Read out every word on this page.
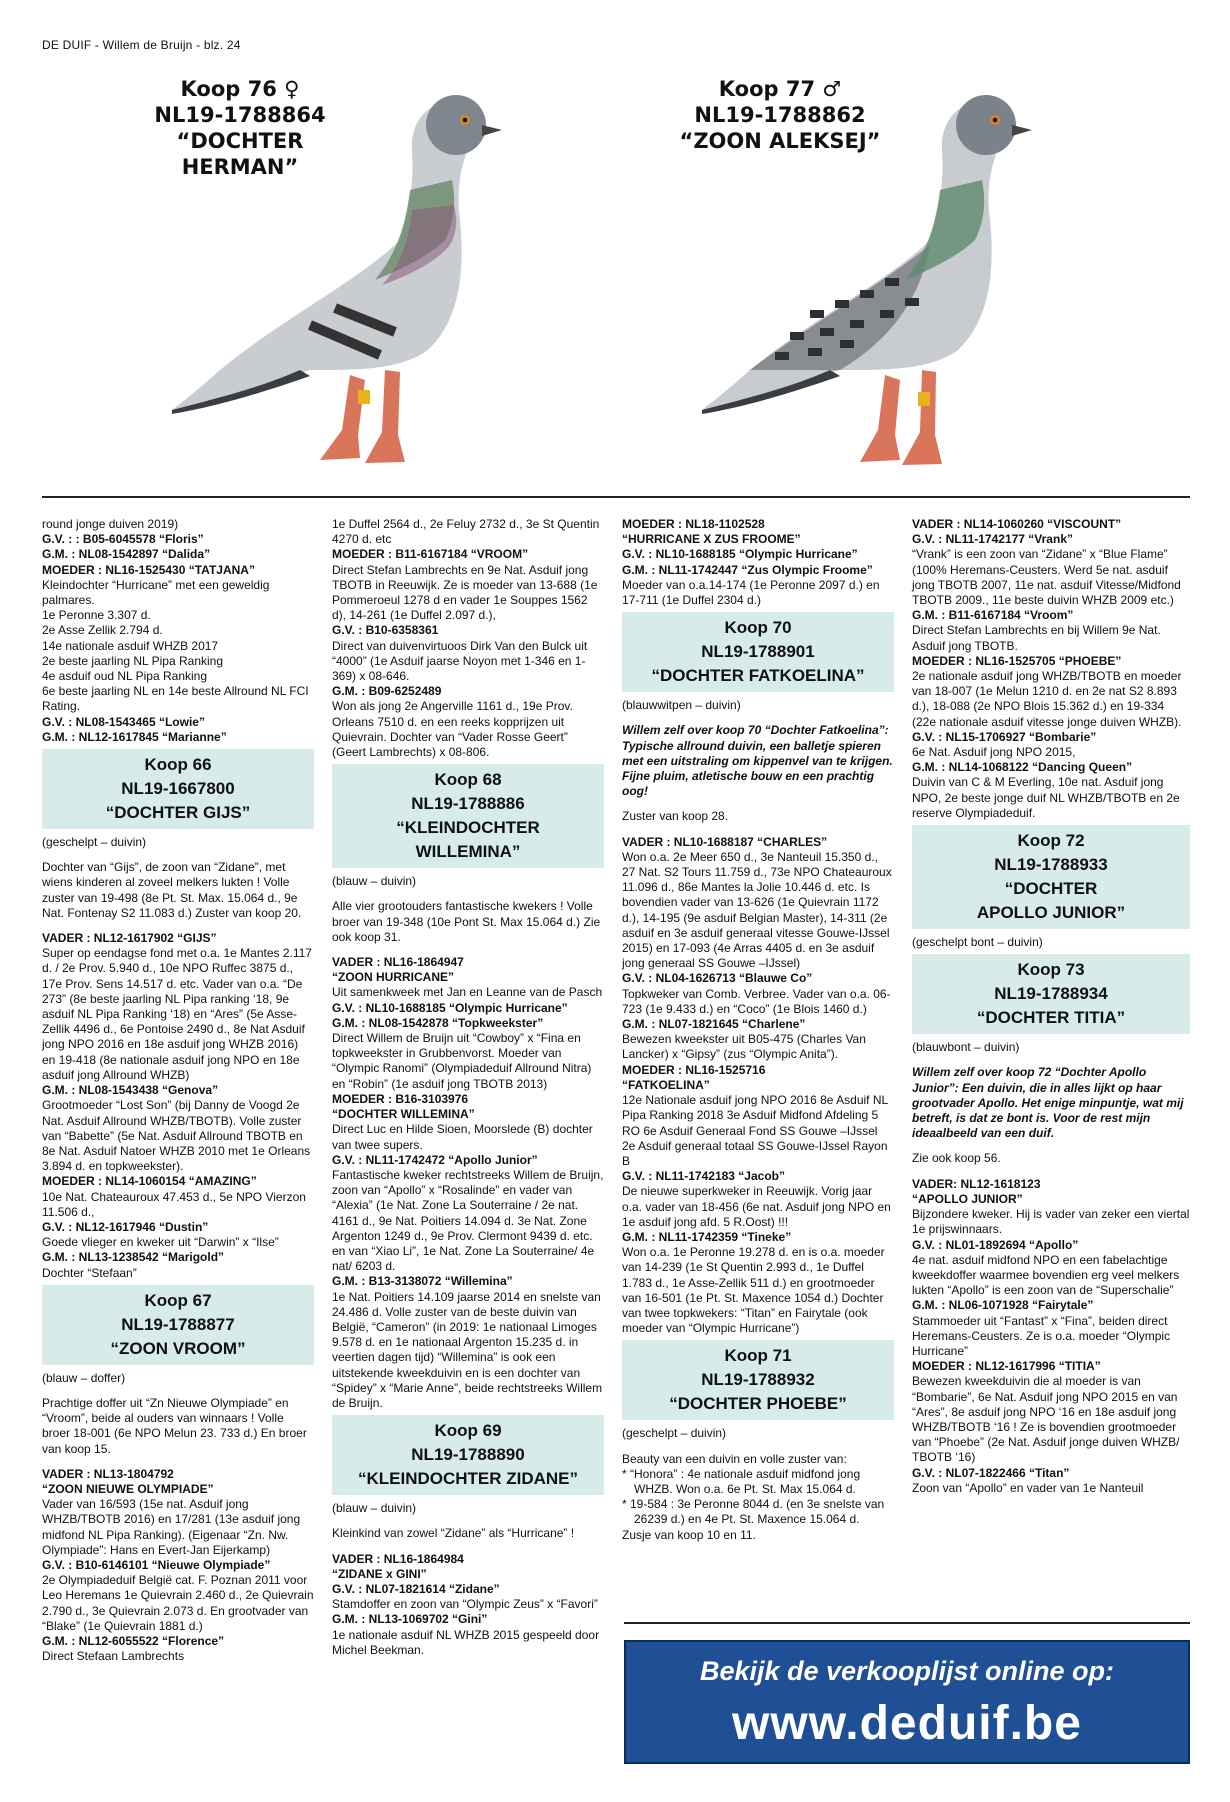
DE DUIF - Willem de Bruijn - blz. 24
Koop 76 ♀
NL19-1788864
“DOCHTER
HERMAN”
Koop 77 ♂
NL19-1788862
“ZOON ALEKSEJ”

round jonge duiven 2019)

G.V. : : B05-6045578 “Floris”

G.M. : NL08-1542897 “Dalida”

MOEDER : NL16-1525430 “TATJANA”

Kleindochter “Hurricane” met een geweldig palmares.

1e Peronne 3.307 d.

2e Asse Zellik 2.794 d.

14e nationale asduif WHZB 2017

2e beste jaarling NL Pipa Ranking

4e asduif oud NL Pipa Ranking

6e beste jaarling NL en 14e beste Allround NL FCI Rating.

G.V. : NL08-1543465 “Lowie”

G.M. : NL12-1617845 “Marianne”

Koop 66
NL19-1667800
“DOCHTER GIJS”

(geschelpt – duivin)

Dochter van “Gijs”, de zoon van “Zidane”, met wiens kinderen al zoveel melkers lukten ! Volle zuster van 19-498 (8e Pt. St. Max. 15.064 d., 9e Nat. Fontenay S2 11.083 d.) Zuster van koop 20.

VADER : NL12-1617902 “GIJS”

Super op eendagse fond met o.a. 1e Mantes 2.117 d. / 2e Prov. 5.940 d., 10e NPO Ruffec 3875 d., 17e Prov. Sens 14.517 d. etc. Vader van o.a. “De 273” (8e beste jaarling NL Pipa ranking ‘18, 9e asduif NL Pipa Ranking ‘18) en “Ares” (5e Asse-Zellik 4496 d., 6e Pontoise 2490 d., 8e Nat Asduif jong NPO 2016 en 18e asduif jong WHZB 2016) en 19-418 (8e nationale asduif jong NPO en 18e asduif jong Allround WHZB)

G.M. : NL08-1543438 “Genova”

Grootmoeder “Lost Son” (bij Danny de Voogd 2e Nat. Asduif Allround WHZB/TBOTB). Volle zuster van “Babette” (5e Nat. Asduif Allround TBOTB en 8e Nat. Asduif Natoer WHZB 2010 met 1e Orleans 3.894 d. en topkweekster).

MOEDER : NL14-1060154 “AMAZING”

10e Nat. Chateauroux 47.453 d., 5e NPO Vierzon 11.506 d.,

G.V. : NL12-1617946 “Dustin”

Goede vlieger en kweker uit “Darwin” x “Ilse”

G.M. : NL13-1238542 “Marigold”

Dochter “Stefaan”

Koop 67
NL19-1788877
“ZOON VROOM”

(blauw – doffer)

Prachtige doffer uit “Zn Nieuwe Olympiade” en “Vroom”, beide al ouders van winnaars ! Volle broer 18-001 (6e NPO Melun 23. 733 d.) En broer van koop 15.

VADER : NL13-1804792

“ZOON NIEUWE OLYMPIADE”

Vader van 16/593 (15e nat. Asduif jong WHZB/TBOTB 2016) en 17/281 (13e asduif jong midfond NL Pipa Ranking). (Eigenaar “Zn. Nw. Olympiade”: Hans en Evert-Jan Eijerkamp)

G.V. : B10-6146101 “Nieuwe Olympiade”

2e Olympiadeduif België cat. F. Poznan 2011 voor Leo Heremans 1e Quievrain 2.460 d., 2e Quievrain 2.790 d., 3e Quievrain 2.073 d. En grootvader van “Blake” (1e Quievrain 1881 d.)

G.M. : NL12-6055522 “Florence”

Direct Stefaan Lambrechts

1e Duffel 2564 d., 2e Feluy 2732 d., 3e St Quentin 4270 d. etc

MOEDER : B11-6167184 “VROOM”

Direct Stefan Lambrechts en 9e Nat. Asduif jong TBOTB in Reeuwijk. Ze is moeder van 13-688 (1e Pommeroeul 1278 d en vader 1e Souppes 1562 d), 14-261 (1e Duffel 2.097 d.),

G.V. : B10-6358361

Direct van duivenvirtuoos Dirk Van den Bulck uit “4000” (1e Asduif jaarse Noyon met 1-346 en 1-369) x 08-646.

G.M. : B09-6252489

Won als jong 2e Angerville 1161 d., 19e Prov. Orleans 7510 d. en een reeks kopprijzen uit Quievrain. Dochter van “Vader Rosse Geert” (Geert Lambrechts) x 08-806.

Koop 68
NL19-1788886
“KLEINDOCHTER
WILLEMINA”

(blauw – duivin)

Alle vier grootouders fantastische kwekers ! Volle broer van 19-348 (10e Pont St. Max 15.064 d.) Zie ook koop 31.

VADER : NL16-1864947

“ZOON HURRICANE”

Uit samenkweek met Jan en Leanne van de Pasch

G.V. : NL10-1688185 “Olympic Hurricane”

G.M. : NL08-1542878 “Topkweekster”

Direct Willem de Bruijn uit “Cowboy” x “Fina en topkweekster in Grubbenvorst. Moeder van “Olympic Ranomi” (Olympiadeduif Allround Nitra) en “Robin” (1e asduif jong TBOTB 2013)

MOEDER : B16-3103976

“DOCHTER WILLEMINA”

Direct Luc en Hilde Sioen, Moorslede (B) dochter van twee supers.

G.V. : NL11-1742472 “Apollo Junior”

Fantastische kweker rechtstreeks Willem de Bruijn, zoon van “Apollo” x “Rosalinde” en vader van “Alexia” (1e Nat. Zone La Souterraine / 2e nat. 4161 d., 9e Nat. Poitiers 14.094 d. 3e Nat. Zone Argenton 1249 d., 9e Prov. Clermont 9439 d. etc. en van “Xiao Li”, 1e Nat. Zone La Souterraine/ 4e nat/ 6203 d.

G.M. : B13-3138072 “Willemina”

1e Nat. Poitiers 14.109 jaarse 2014 en snelste van 24.486 d. Volle zuster van de beste duivin van België, “Cameron” (in 2019: 1e nationaal Limoges 9.578 d. en 1e nationaal Argenton 15.235 d. in veertien dagen tijd) “Willemina” is ook een uitstekende kweekduivin en is een dochter van “Spidey” x “Marie Anne”, beide rechtstreeks Willem de Bruijn.

Koop 69
NL19-1788890
“KLEINDOCHTER ZIDANE”

(blauw – duivin)

Kleinkind van zowel “Zidane” als “Hurricane” !

VADER : NL16-1864984

“ZIDANE x GINI”

G.V. : NL07-1821614 “Zidane”

Stamdoffer en zoon van “Olympic Zeus” x “Favori”

G.M. : NL13-1069702 “Gini”

1e nationale asduif NL WHZB 2015 gespeeld door Michel Beekman.

MOEDER : NL18-1102528

“HURRICANE X ZUS FROOME”

G.V. : NL10-1688185 “Olympic Hurricane”

G.M. : NL11-1742447 “Zus Olympic Froome”

Moeder van o.a.14-174 (1e Peronne 2097 d.) en 17-711 (1e Duffel 2304 d.)

Koop 70
NL19-1788901
“DOCHTER FATKOELINA”

(blauwwitpen – duivin)

Willem zelf over koop 70 “Dochter Fatkoelina”: Typische allround duivin, een balletje spieren met een uitstraling om kippenvel van te krijgen. Fijne pluim, atletische bouw en een prachtig oog!

Zuster van koop 28.

VADER : NL10-1688187 “CHARLES”

Won o.a. 2e Meer 650 d., 3e Nanteuil 15.350 d., 27 Nat. S2 Tours 11.759 d., 73e NPO Chateauroux 11.096 d., 86e Mantes la Jolie 10.446 d. etc. Is bovendien vader van 13-626 (1e Quievrain 1172 d.), 14-195 (9e asduif Belgian Master), 14-311 (2e asduif en 3e asduif generaal vitesse Gouwe-IJssel 2015) en 17-093 (4e Arras 4405 d. en 3e asduif jong generaal SS Gouwe –IJssel)

G.V. : NL04-1626713 “Blauwe Co”

Topkweker van Comb. Verbree. Vader van o.a. 06-723 (1e 9.433 d.) en “Coco” (1e Blois 1460 d.)

G.M. : NL07-1821645 “Charlene”

Bewezen kweekster uit B05-475 (Charles Van Lancker) x “Gipsy” (zus “Olympic Anita”).

MOEDER : NL16-1525716

“FATKOELINA”

12e Nationale asduif jong NPO 2016 8e Asduif NL Pipa Ranking 2018 3e Asduif Midfond Afdeling 5 RO 6e Asduif Generaal Fond SS Gouwe –IJssel 2e Asduif generaal totaal SS Gouwe-IJssel Rayon B

G.V. : NL11-1742183 “Jacob”

De nieuwe superkweker in Reeuwijk. Vorig jaar o.a. vader van 18-456 (6e nat. Asduif jong NPO en 1e asduif jong afd. 5 R.Oost) !!!

G.M. : NL11-1742359 “Tineke”

Won o.a. 1e Peronne 19.278 d. en is o.a. moeder van 14-239 (1e St Quentin 2.993 d., 1e Duffel 1.783 d., 1e Asse-Zellik 511 d.) en grootmoeder van 16-501 (1e Pt. St. Maxence 1054 d.) Dochter van twee topkwekers: “Titan” en Fairytale (ook moeder van “Olympic Hurricane”)

Koop 71
NL19-1788932
“DOCHTER PHOEBE”

(geschelpt – duivin)

Beauty van een duivin en volle zuster van:

* “Honora” : 4e nationale asduif midfond jong WHZB. Won o.a. 6e Pt. St. Max 15.064 d.

* 19-584 : 3e Peronne 8044 d. (en 3e snelste van 26239 d.) en 4e Pt. St. Maxence 15.064 d.

Zusje van koop 10 en 11.

VADER : NL14-1060260 “VISCOUNT”

G.V. : NL11-1742177 “Vrank”

“Vrank” is een zoon van “Zidane” x “Blue Flame” (100% Heremans-Ceusters. Werd 5e nat. asduif jong TBOTB 2007, 11e nat. asduif Vitesse/Midfond TBOTB 2009., 11e beste duivin WHZB 2009 etc.)

G.M. : B11-6167184 “Vroom”

Direct Stefan Lambrechts en bij Willem 9e Nat. Asduif jong TBOTB.

MOEDER : NL16-1525705 “PHOEBE”

2e nationale asduif jong WHZB/TBOTB en moeder van 18-007 (1e Melun 1210 d. en 2e nat S2 8.893 d.), 18-088 (2e NPO Blois 15.362 d.) en 19-334 (22e nationale asduif vitesse jonge duiven WHZB).

G.V. : NL15-1706927 “Bombarie”

6e Nat. Asduif jong NPO 2015,

G.M. : NL14-1068122 “Dancing Queen”

Duivin van C & M Everling, 10e nat. Asduif jong NPO, 2e beste jonge duif NL WHZB/TBOTB en 2e reserve Olympiadeduif.

Koop 72
NL19-1788933
“DOCHTER
APOLLO JUNIOR”

(geschelpt bont – duivin)

Koop 73
NL19-1788934
“DOCHTER TITIA”

(blauwbont – duivin)

Willem zelf over koop 72 “Dochter Apollo Junior”: Een duivin, die in alles lijkt op haar grootvader Apollo. Het enige minpuntje, wat mij betreft, is dat ze bont is. Voor de rest mijn ideaalbeeld van een duif.

Zie ook koop 56.

VADER: NL12-1618123

“APOLLO JUNIOR”

Bijzondere kweker. Hij is vader van zeker een viertal 1e prijswinnaars.

G.V. : NL01-1892694 “Apollo”

4e nat. asduif midfond NPO en een fabelachtige kweekdoffer waarmee bovendien erg veel melkers lukten “Apollo” is een zoon van de “Superschalie”

G.M. : NL06-1071928 “Fairytale”

Stammoeder uit “Fantast” x “Fina”, beiden direct Heremans-Ceusters. Ze is o.a. moeder “Olympic Hurricane”

MOEDER : NL12-1617996 “TITIA”

Bewezen kweekduivin die al moeder is van “Bombarie”, 6e Nat. Asduif jong NPO 2015 en van “Ares”, 8e asduif jong NPO ‘16 en 18e asduif jong WHZB/TBOTB ‘16 ! Ze is bovendien grootmoeder van “Phoebe” (2e Nat. Asduif jonge duiven WHZB/ TBOTB ‘16)

G.V. : NL07-1822466 “Titan”

Zoon van “Apollo” en vader van 1e Nanteuil

Bekijk de verkooplijst online op:
www.deduif.be
